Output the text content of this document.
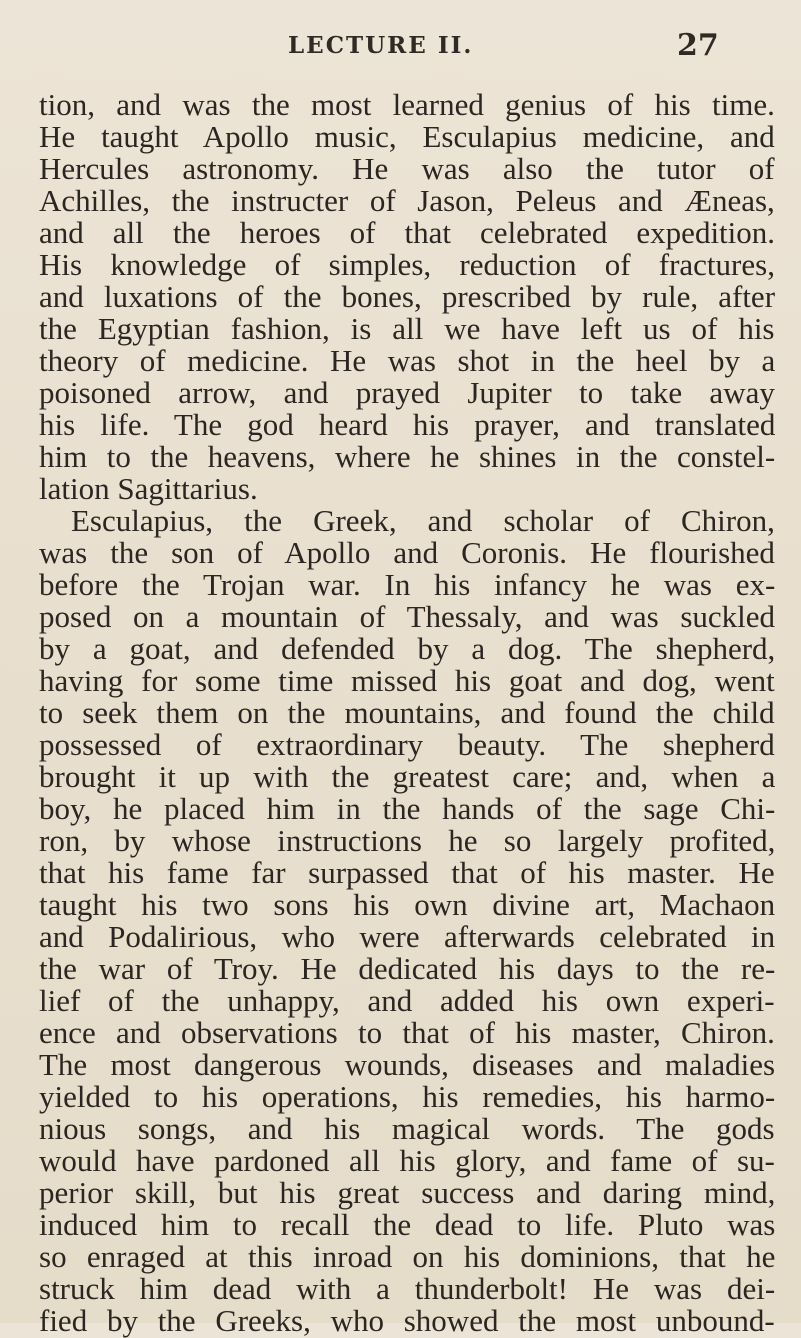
LECTURE II.	27
tion, and was the most learned genius of his time.
He taught Apollo music, Esculapius medicine, and
Hercules astronomy. He was also the tutor of
Achilles, the instructer of Jason, Peleus and Æneas,
and all the heroes of that celebrated expedition.
His knowledge of simples, reduction of fractures,
and luxations of the bones, prescribed by rule, after
the Egyptian fashion, is all we have left us of his
theory of medicine. He was shot in the heel by a
poisoned arrow, and prayed Jupiter to take away
his life. The god heard his prayer, and translated
him to the heavens, where he shines in the constel-
lation Sagittarius.
Esculapius, the Greek, and scholar of Chiron,
was the son of Apollo and Coronis. He flourished
before the Trojan war. In his infancy he was ex-
posed on a mountain of Thessaly, and was suckled
by a goat, and defended by a dog. The shepherd,
having for some time missed his goat and dog, went
to seek them on the mountains, and found the child
possessed of extraordinary beauty. The shepherd
brought it up with the greatest care; and, when a
boy, he placed him in the hands of the sage Chi-
ron, by whose instructions he so largely profited,
that his fame far surpassed that of his master. He
taught his two sons his own divine art, Machaon
and Podalirious, who were afterwards celebrated in
the war of Troy. He dedicated his days to the re-
lief of the unhappy, and added his own experi-
ence and observations to that of his master, Chiron.
The most dangerous wounds, diseases and maladies
yielded to his operations, his remedies, his harmo-
nious songs, and his magical words. The gods
would have pardoned all his glory, and fame of su-
perior skill, but his great success and daring mind,
induced him to recall the dead to life. Pluto was
so enraged at this inroad on his dominions, that he
struck him dead with a thunderbolt! He was dei-
fied by the Greeks, who showed the most unbound-
